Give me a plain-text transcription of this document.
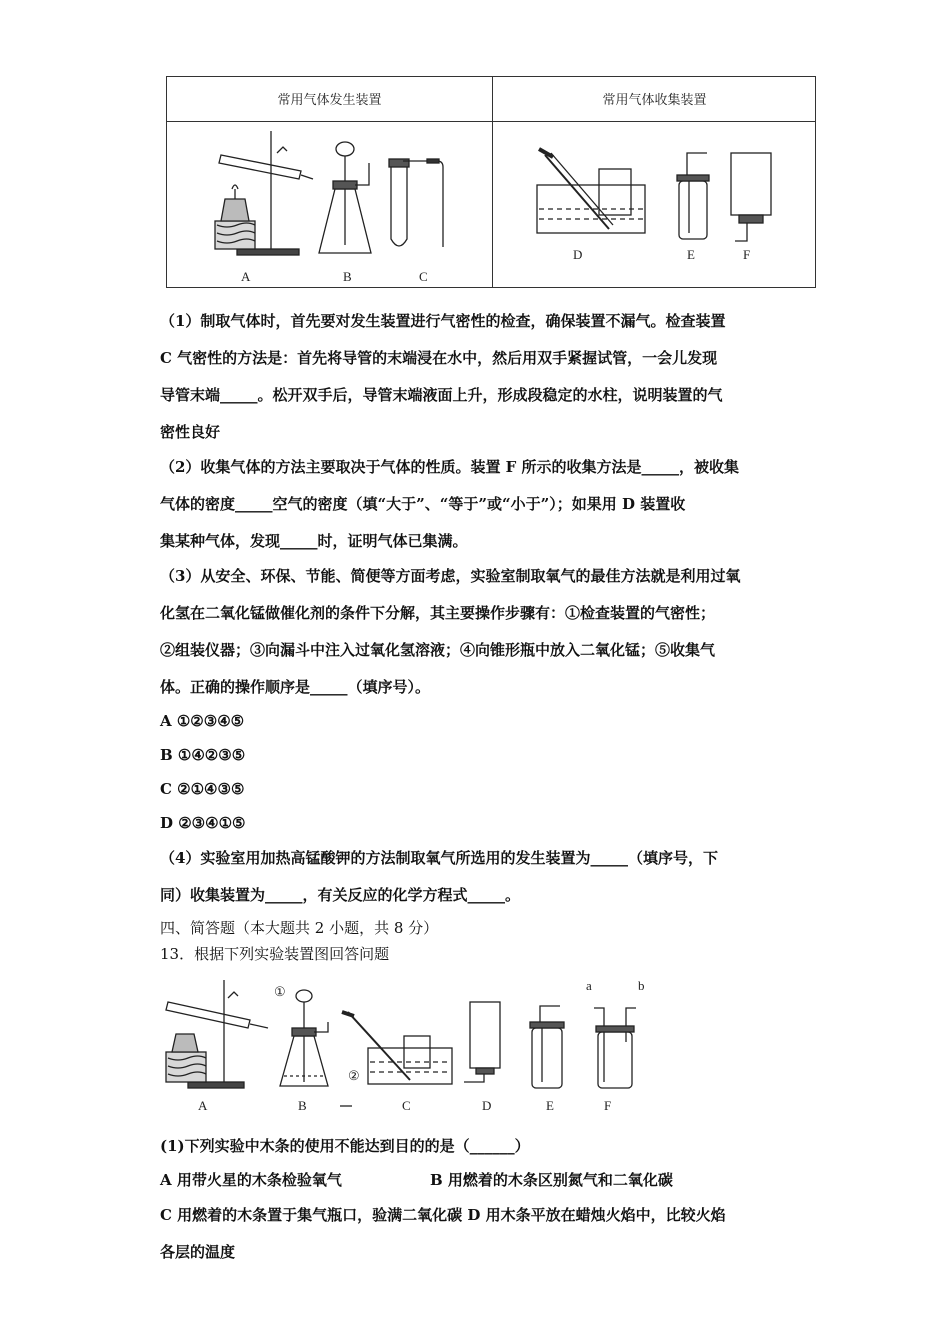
常用气体发生装置	常用气体收集装置
A	B	C
D	E	F
（1）制取气体时，首先要对发生装置进行气密性的检查，确保装置不漏气。检查装置
C 气密性的方法是：首先将导管的末端浸在水中，然后用双手紧握试管，一会儿发现
导管末端_____。松开双手后，导管末端液面上升，形成段稳定的水柱，说明装置的气
密性良好
（2）收集气体的方法主要取决于气体的性质。装置 F 所示的收集方法是_____，被收集
气体的密度_____空气的密度（填“大于”、“等于”或“小于”）；如果用 D 装置收
集某种气体，发现_____时，证明气体已集满。
（3）从安全、环保、节能、简便等方面考虑，实验室制取氧气的最佳方法就是利用过氧
化氢在二氧化锰做催化剂的条件下分解，其主要操作步骤有：①检查装置的气密性；
②组装仪器；③向漏斗中注入过氧化氢溶液；④向锥形瓶中放入二氧化锰；⑤收集气
体。正确的操作顺序是_____（填序号）。
A ①②③④⑤
B ①④②③⑤
C ②①④③⑤
D ②③④①⑤
（4）实验室用加热高锰酸钾的方法制取氧气所选用的发生装置为_____（填序号，下
同）收集装置为_____，有关反应的化学方程式_____。
四、简答题（本大题共 2 小题，共 8 分）
13．根据下列实验装置图回答问题
①
②
a	b
A	B	C	D	E	F
(1)下列实验中木条的使用不能达到目的的是（______）
A 用带火星的木条检验氧气	B 用燃着的木条区别氮气和二氧化碳
C 用燃着的木条置于集气瓶口，验满二氧化碳 D 用木条平放在蜡烛火焰中，比较火焰
各层的温度
